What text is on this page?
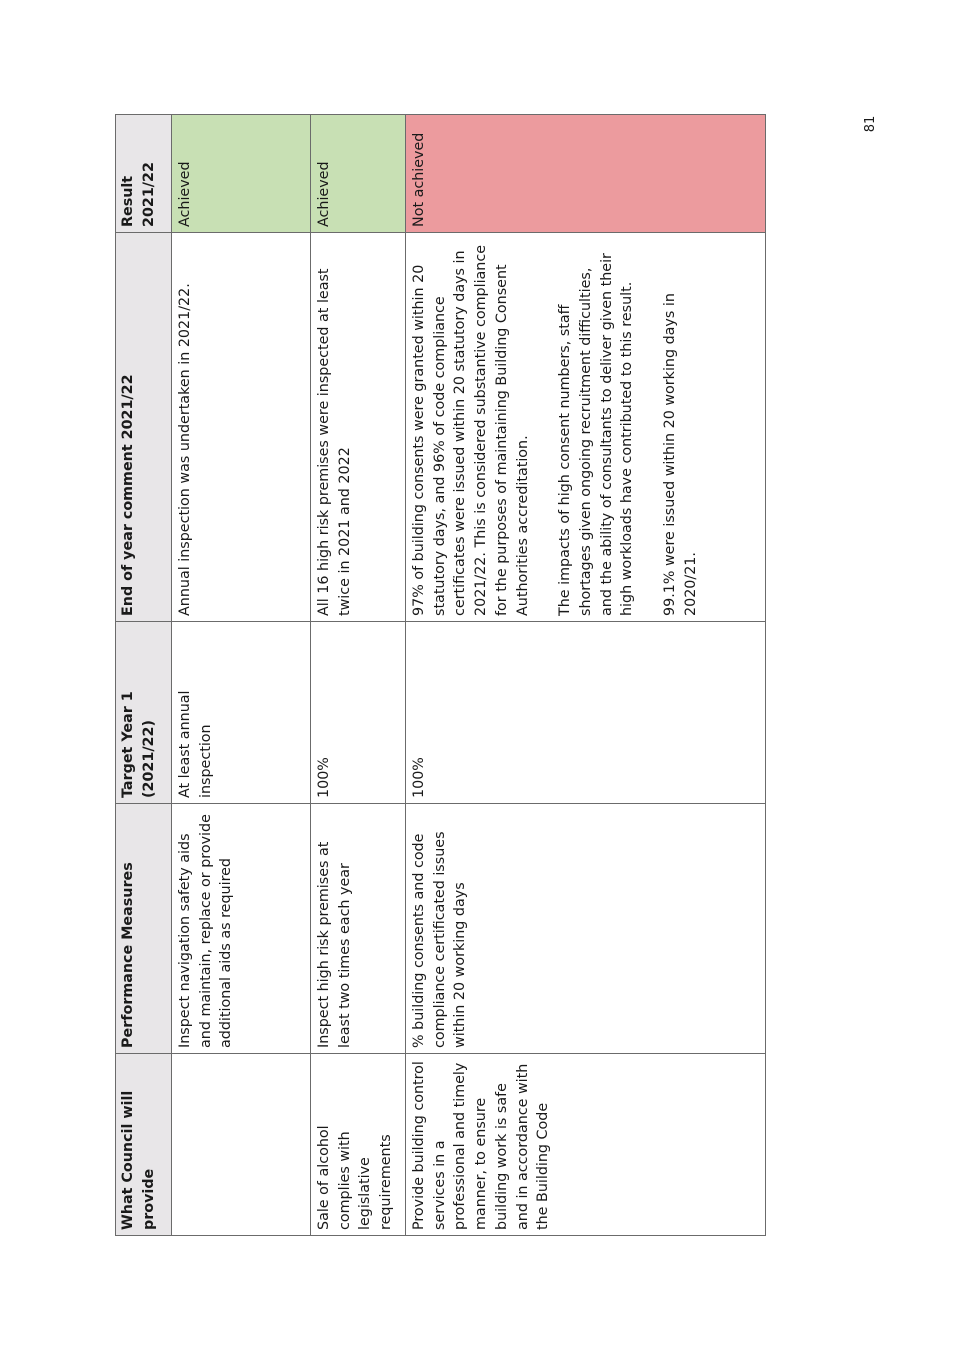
81
What Council will provide	Performance Measures	Target Year 1 (2021/22)	End of year comment 2021/22	Result 2021/22
	Inspect navigation safety aids and maintain, replace or provide additional aids as required	At least annual inspection	Annual inspection was undertaken in 2021/22.	Achieved
Sale of alcohol complies with legislative requirements	Inspect high risk premises at least two times each year	100%	All 16 high risk premises were inspected at least twice in 2021 and 2022	Achieved
Provide building control services in a professional and timely manner, to ensure building work is safe and in accordance with the Building Code	% building consents and code compliance certificated issues within 20 working days	100%	97% of building consents were granted within 20 statutory days, and 96% of code compliance certificates were issued within 20 statutory days in 2021/22. This is considered substantive compliance for the purposes of maintaining Building Consent Authorities accreditation. The impacts of high consent numbers, staff shortages given ongoing recruitment difficulties, and the ability of consultants to deliver given their high workloads have contributed to this result. 99.1% were issued within 20 working days in 2020/21.	Not achieved
